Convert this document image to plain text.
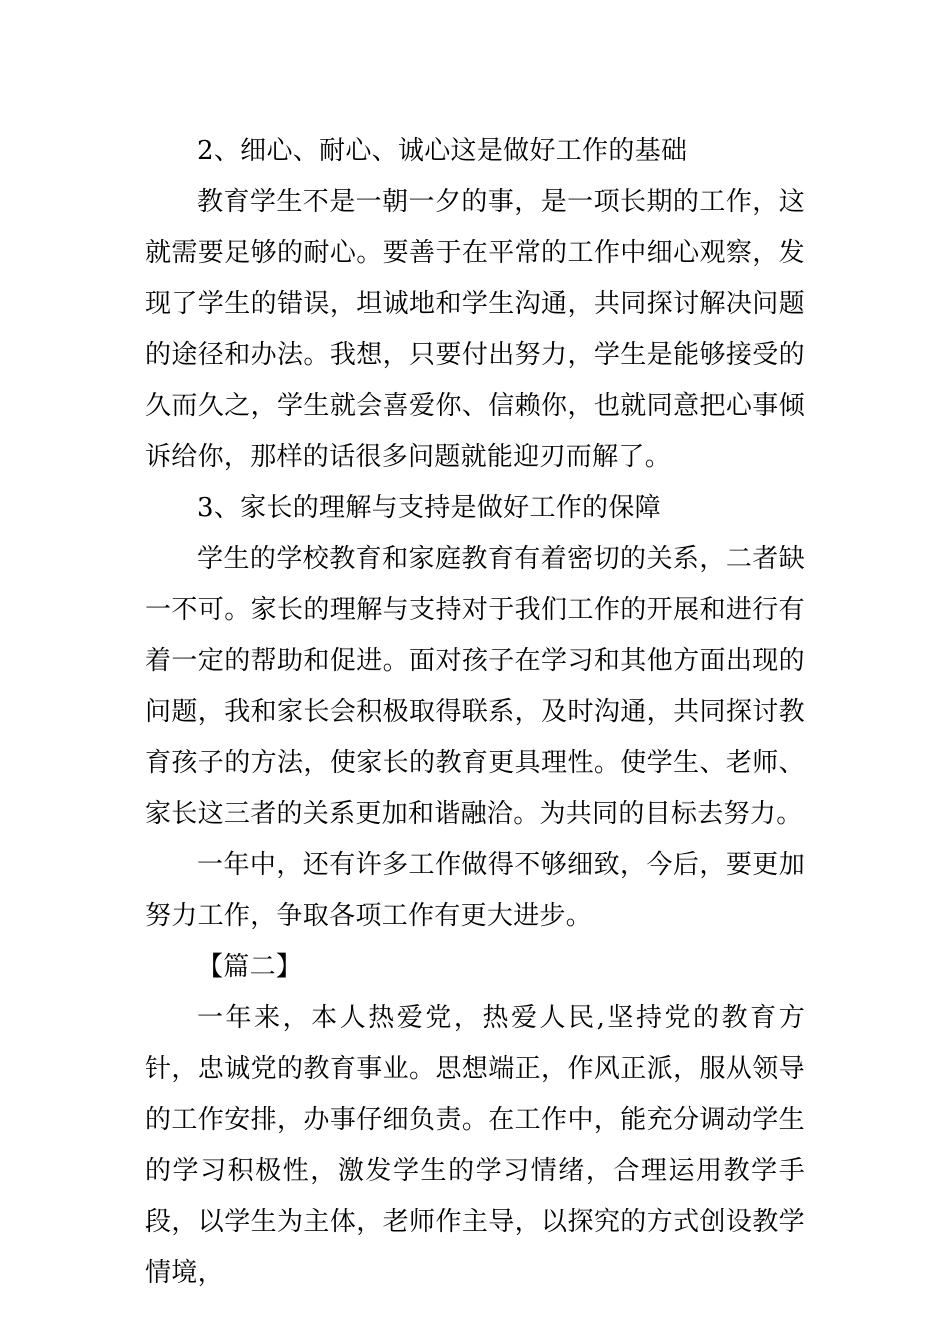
2、细心、耐心、诚心这是做好工作的基础

教育学生不是一朝一夕的事，是一项长期的工作，这就需要足够的耐心。要善于在平常的工作中细心观察，发现了学生的错误，坦诚地和学生沟通，共同探讨解决问题的途径和办法。我想，只要付出努力，学生是能够接受的久而久之，学生就会喜爱你、信赖你，也就同意把心事倾诉给你，那样的话很多问题就能迎刃而解了。

3、家长的理解与支持是做好工作的保障

学生的学校教育和家庭教育有着密切的关系，二者缺一不可。家长的理解与支持对于我们工作的开展和进行有着一定的帮助和促进。面对孩子在学习和其他方面出现的问题，我和家长会积极取得联系，及时沟通，共同探讨教育孩子的方法，使家长的教育更具理性。使学生、老师、家长这三者的关系更加和谐融洽。为共同的目标去努力。

一年中，还有许多工作做得不够细致，今后，要更加努力工作，争取各项工作有更大进步。

【篇二】

一年来，本人热爱党，热爱人民,坚持党的教育方针，忠诚党的教育事业。思想端正，作风正派，服从领导的工作安排，办事仔细负责。在工作中，能充分调动学生的学习积极性，激发学生的学习情绪，合理运用教学手段，以学生为主体，老师作主导，以探究的方式创设教学情境，
